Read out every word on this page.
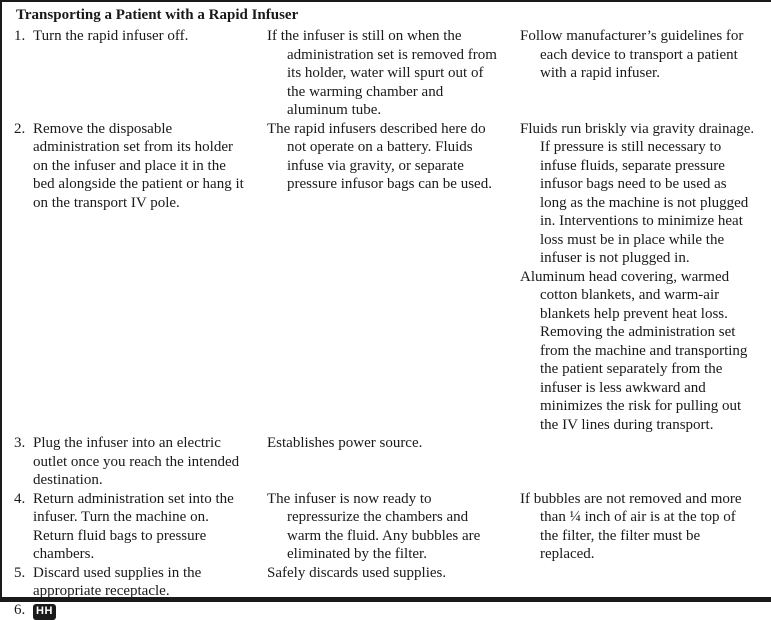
Transporting a Patient with a Rapid Infuser
1. Turn the rapid infuser off.	If the infuser is still on when the administration set is removed from its holder, water will spurt out of the warming chamber and aluminum tube.

Follow manufacturer’s guidelines for each device to transport a patient with a rapid infuser.

2. Remove the disposable administration set from its holder on the infuser and place it in the bed alongside the patient or hang it on the transport IV pole.

The rapid infusers described here do not operate on a battery. Fluids infuse via gravity, or separate pressure infusor bags can be used.

Fluids run briskly via gravity drainage. If pressure is still necessary to infuse fluids, separate pressure infusor bags need to be used as long as the machine is not plugged in. Interventions to minimize heat loss must be in place while the infuser is not plugged in.

Aluminum head covering, warmed cotton blankets, and warm-air blankets help prevent heat loss. Removing the administration set from the machine and transporting the patient separately from the infuser is less awkward and minimizes the risk for pulling out the IV lines during transport.

3. Plug the infuser into an electric outlet once you reach the intended destination.

Establishes power source.

4. Return administration set into the infuser. Turn the machine on. Return fluid bags to pressure chambers.

The infuser is now ready to repressurize the chambers and warm the fluid. Any bubbles are eliminated by the filter.

If bubbles are not removed and more than ¼ inch of air is at the top of the filter, the filter must be replaced.

5. Discard used supplies in the appropriate receptacle.

Safely discards used supplies.

6. HH
